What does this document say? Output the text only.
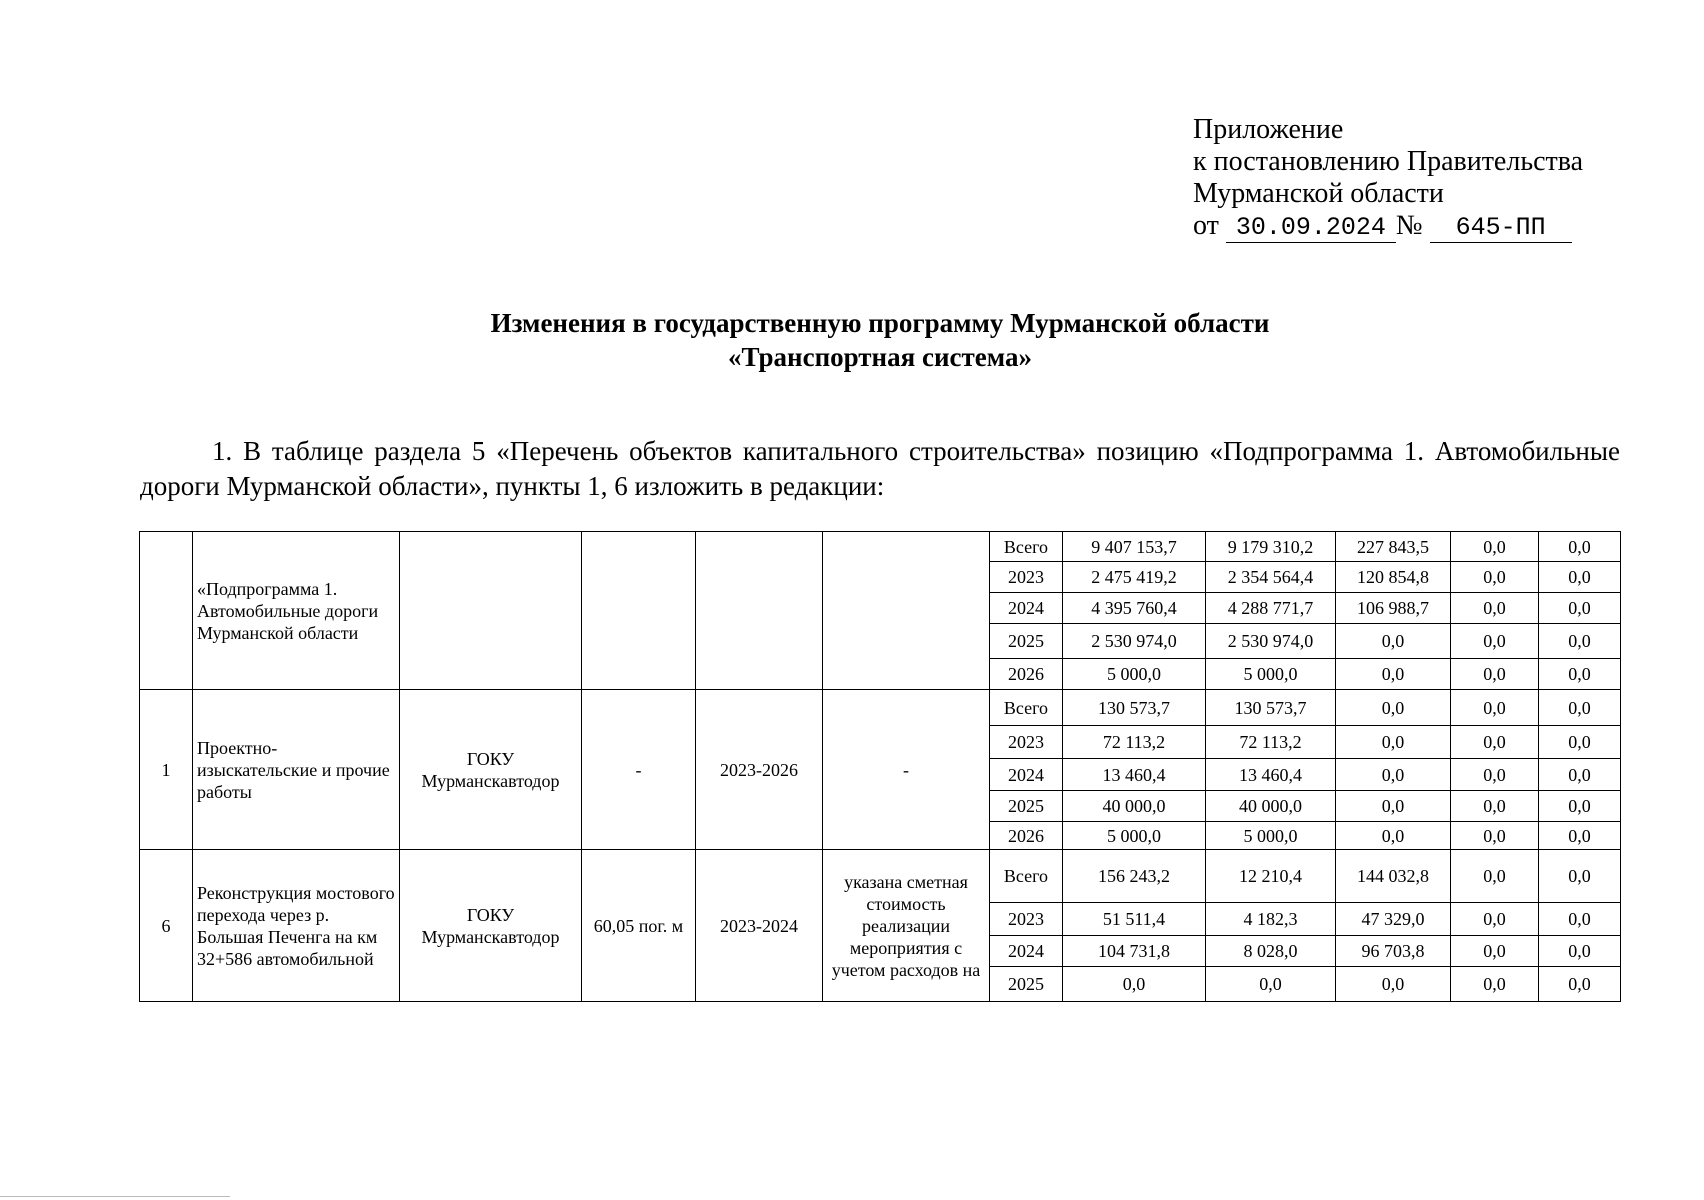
Приложение
к постановлению Правительства
Мурманской области
от 30.09.2024 № 645-ПП
Изменения в государственную программу Мурманской области
«Транспортная система»
1. В таблице раздела 5 «Перечень объектов капитального строительства» позицию «Подпрограмма 1. Автомобильные дороги Мурманской области», пункты 1, 6 изложить в редакции:
	«Подпрограмма 1. Автомобильные дороги Мурманской области					Всего	9 407 153,7	9 179 310,2	227 843,5	0,0	0,0
						2023	2 475 419,2	2 354 564,4	120 854,8	0,0	0,0
						2024	4 395 760,4	4 288 771,7	106 988,7	0,0	0,0
						2025	2 530 974,0	2 530 974,0	0,0	0,0	0,0
						2026	5 000,0	5 000,0	0,0	0,0	0,0
1	Проектно-изыскательские и прочие работы	ГОКУ Мурманскавтодор	-	2023-2026	-	Всего	130 573,7	130 573,7	0,0	0,0	0,0
						2023	72 113,2	72 113,2	0,0	0,0	0,0
						2024	13 460,4	13 460,4	0,0	0,0	0,0
						2025	40 000,0	40 000,0	0,0	0,0	0,0
						2026	5 000,0	5 000,0	0,0	0,0	0,0
6	Реконструкция мостового перехода через р. Большая Печенга на км 32+586 автомобильной	ГОКУ Мурманскавтодор	60,05 пог. м	2023-2024	указана сметная стоимость реализации мероприятия с учетом расходов на	Всего	156 243,2	12 210,4	144 032,8	0,0	0,0
						2023	51 511,4	4 182,3	47 329,0	0,0	0,0
						2024	104 731,8	8 028,0	96 703,8	0,0	0,0
						2025	0,0	0,0	0,0	0,0	0,0
